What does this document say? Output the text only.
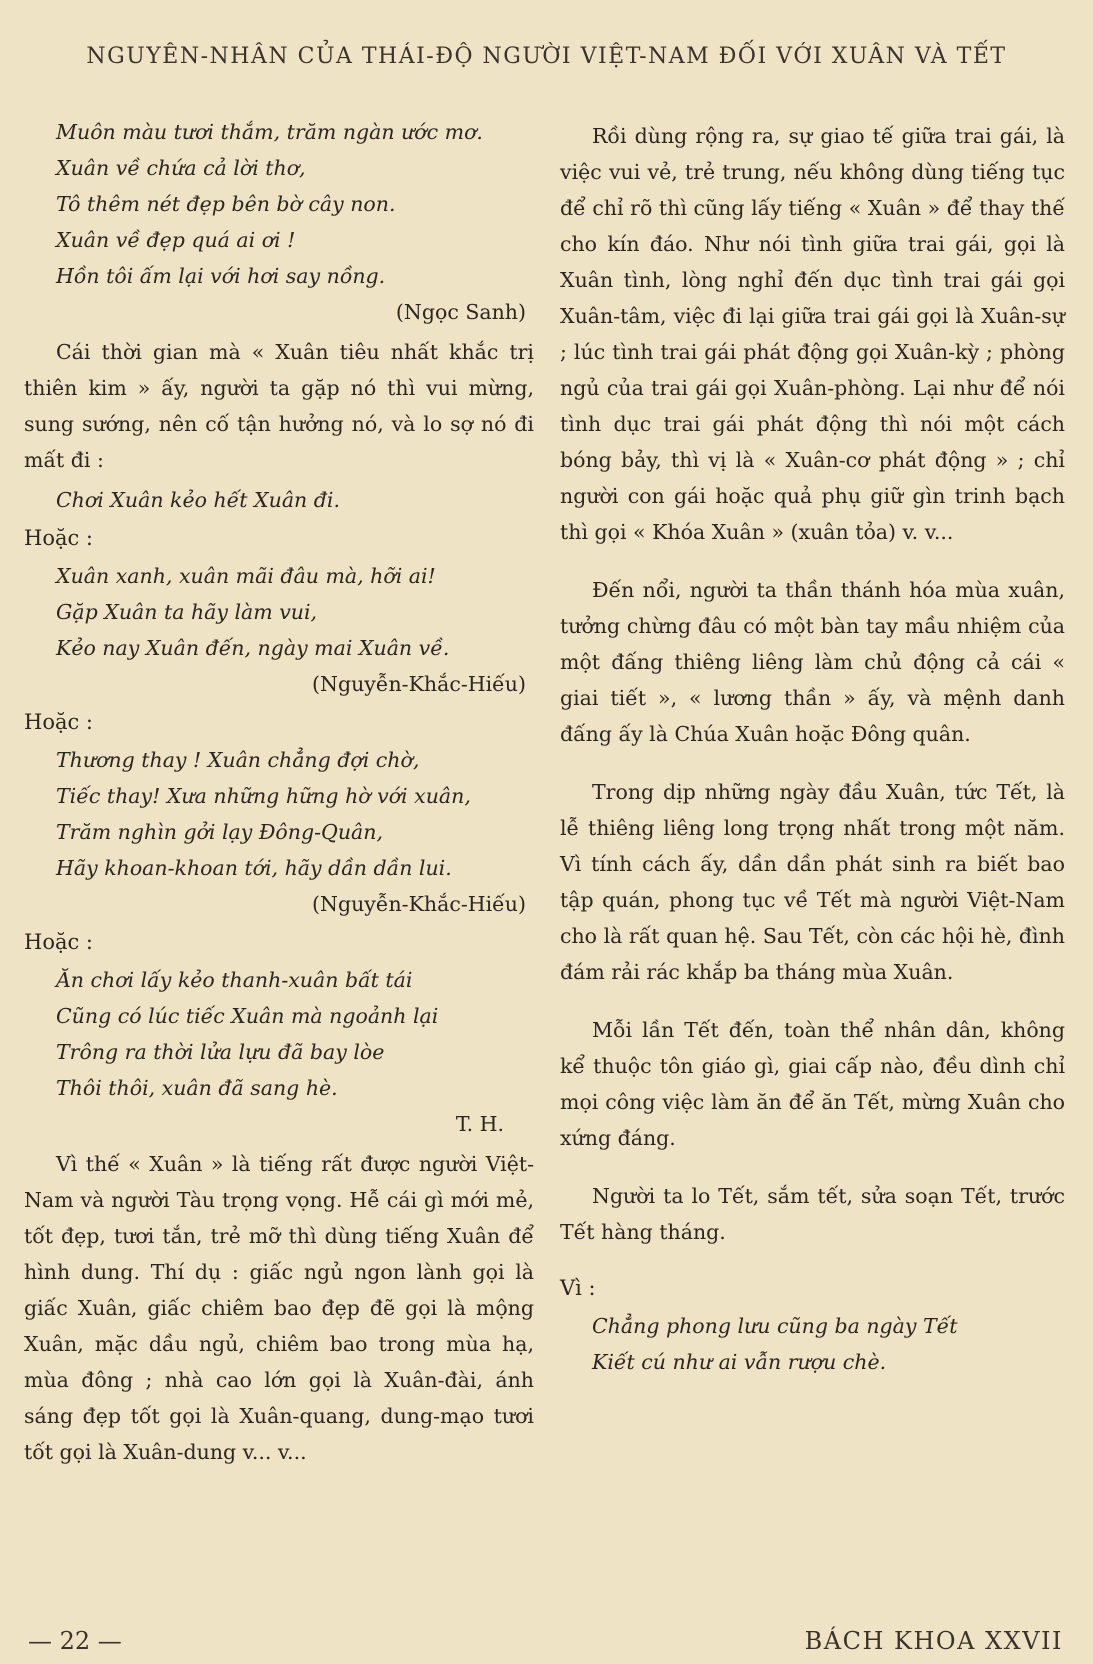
NGUYÊN-NHÂN CỦA THÁI-ĐỘ NGƯỜI VIỆT-NAM ĐỐI VỚI XUÂN VÀ TẾT
Muôn màu tươi thắm, trăm ngàn ước mơ.
Xuân về chứa cả lời thơ,
Tô thêm nét đẹp bên bờ cây non.
Xuân về đẹp quá ai ơi !
Hồn tôi ấm lại với hơi say nồng.
(Ngọc Sanh)

Cái thời gian mà « Xuân tiêu nhất khắc trị thiên kim » ấy, người ta gặp nó thì vui mừng, sung sướng, nên cố tận hưởng nó, và lo sợ nó đi mất đi :

Chơi Xuân kẻo hết Xuân đi.
Hoặc :
Xuân xanh, xuân mãi đâu mà, hỡi ai!
Gặp Xuân ta hãy làm vui,
Kẻo nay Xuân đến, ngày mai Xuân về.
(Nguyễn-Khắc-Hiếu)
Hoặc :
Thương thay ! Xuân chẳng đợi chờ,
Tiếc thay! Xưa những hững hờ với xuân,
Trăm nghìn gởi lạy Đông-Quân,
Hãy khoan-khoan tới, hãy dần dần lui.
(Nguyễn-Khắc-Hiếu)
Hoặc :
Ăn chơi lấy kẻo thanh-xuân bất tái
Cũng có lúc tiếc Xuân mà ngoảnh lại
Trông ra thời lửa lựu đã bay lòe
Thôi thôi, xuân đã sang hè.
T. H.

Vì thế « Xuân » là tiếng rất được người Việt-Nam và người Tàu trọng vọng. Hễ cái gì mới mẻ, tốt đẹp, tươi tắn, trẻ mỡ thì dùng tiếng Xuân để hình dung. Thí dụ : giấc ngủ ngon lành gọi là giấc Xuân, giấc chiêm bao đẹp đẽ gọi là mộng Xuân, mặc dầu ngủ, chiêm bao trong mùa hạ, mùa đông ; nhà cao lớn gọi là Xuân-đài, ánh sáng đẹp tốt gọi là Xuân-quang, dung-mạo tươi tốt gọi là Xuân-dung v... v...

Rồi dùng rộng ra, sự giao tế giữa trai gái, là việc vui vẻ, trẻ trung, nếu không dùng tiếng tục để chỉ rõ thì cũng lấy tiếng « Xuân » để thay thế cho kín đáo. Như nói tình giữa trai gái, gọi là Xuân tình, lòng nghỉ đến dục tình trai gái gọi Xuân-tâm, việc đi lại giữa trai gái gọi là Xuân-sự ; lúc tình trai gái phát động gọi Xuân-kỳ ; phòng ngủ của trai gái gọi Xuân-phòng. Lại như để nói tình dục trai gái phát động thì nói một cách bóng bảy, thì vị là « Xuân-cơ phát động » ; chỉ người con gái hoặc quả phụ giữ gìn trinh bạch thì gọi « Khóa Xuân » (xuân tỏa) v. v...

Đến nổi, người ta thần thánh hóa mùa xuân, tưởng chừng đâu có một bàn tay mầu nhiệm của một đấng thiêng liêng làm chủ động cả cái « giai tiết », « lương thần » ấy, và mệnh danh đấng ấy là Chúa Xuân hoặc Đông quân.

Trong dịp những ngày đầu Xuân, tức Tết, là lễ thiêng liêng long trọng nhất trong một năm. Vì tính cách ấy, dần dần phát sinh ra biết bao tập quán, phong tục về Tết mà người Việt-Nam cho là rất quan hệ. Sau Tết, còn các hội hè, đình đám rải rác khắp ba tháng mùa Xuân.

Mỗi lần Tết đến, toàn thể nhân dân, không kể thuộc tôn giáo gì, giai cấp nào, đều dình chỉ mọi công việc làm ăn để ăn Tết, mừng Xuân cho xứng đáng.

Người ta lo Tết, sắm tết, sửa soạn Tết, trước Tết hàng tháng.

Vì :
Chẳng phong lưu cũng ba ngày Tết
Kiết cú như ai vẫn rượu chè.
— 22 —	BÁCH KHOA XXVII
